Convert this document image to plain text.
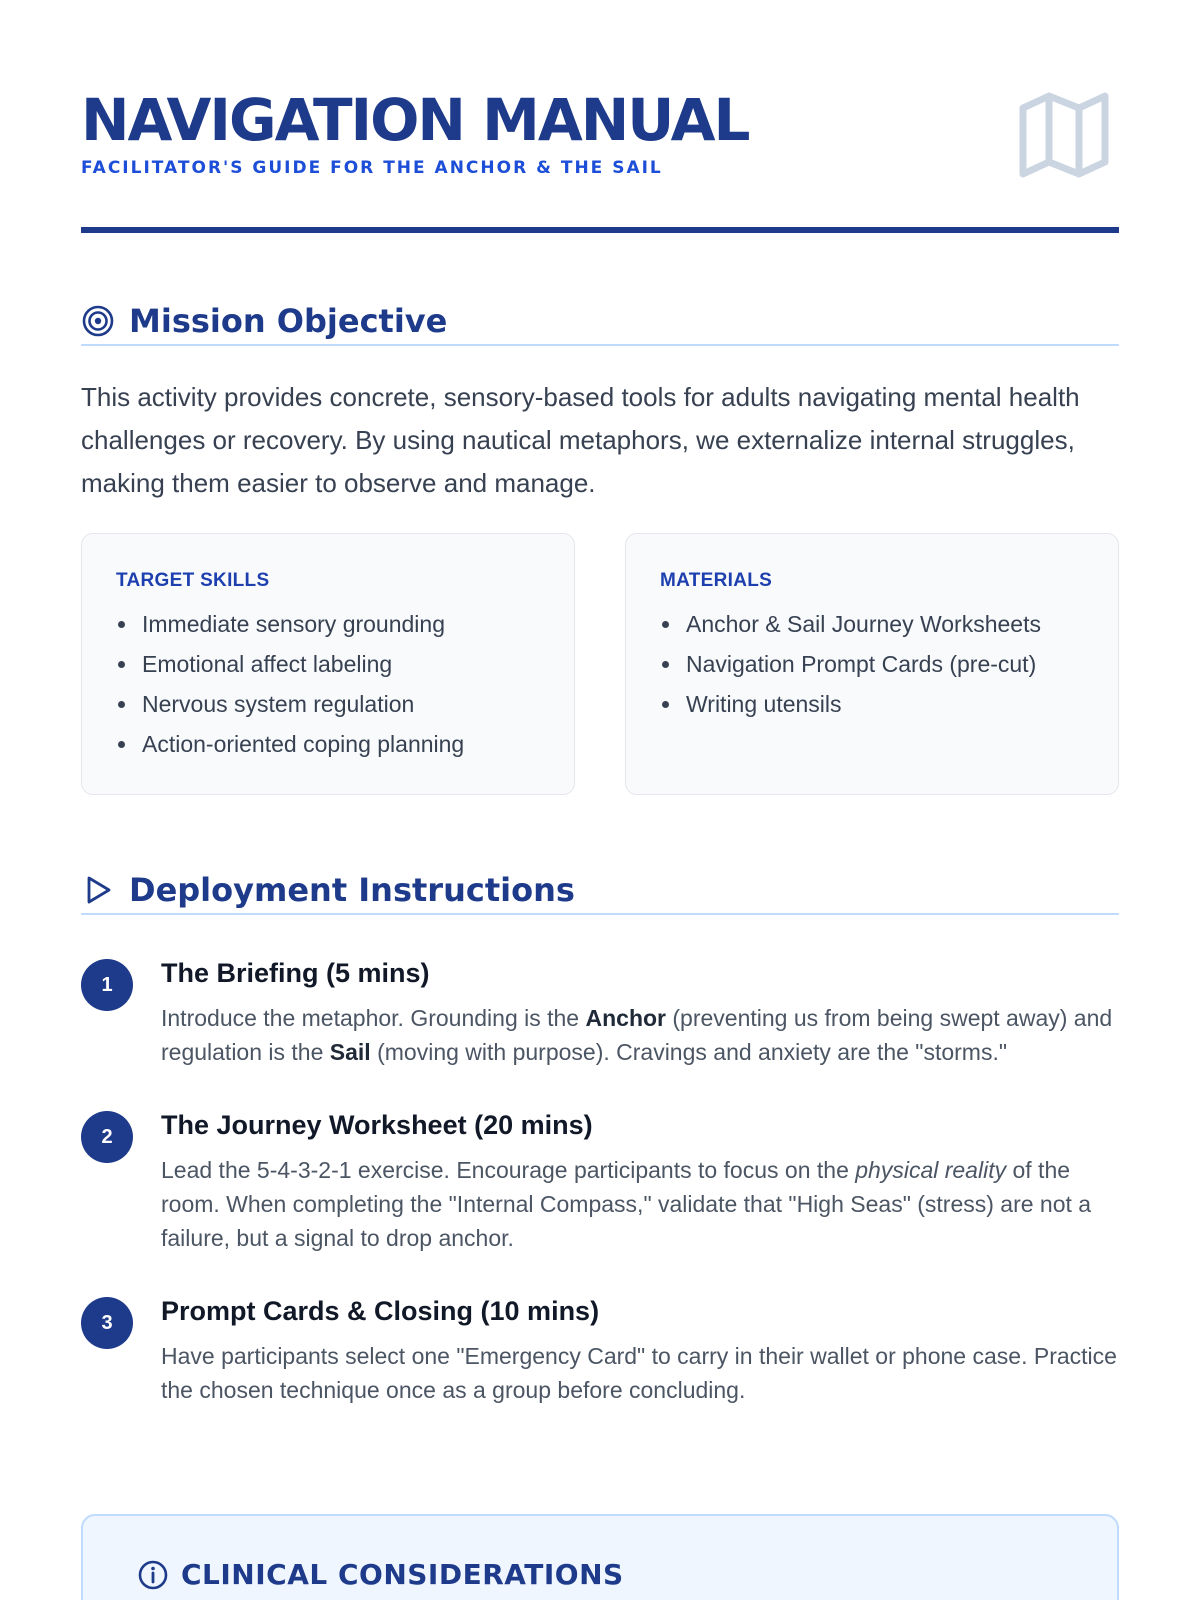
NAVIGATION MANUAL
FACILITATOR'S GUIDE FOR THE ANCHOR & THE SAIL
Mission Objective

This activity provides concrete, sensory-based tools for adults navigating mental health challenges or recovery. By using nautical metaphors, we externalize internal struggles, making them easier to observe and manage.

TARGET SKILLS
Immediate sensory grounding
Emotional affect labeling
Nervous system regulation
Action-oriented coping planning
MATERIALS
Anchor & Sail Journey Worksheets
Navigation Prompt Cards (pre-cut)
Writing utensils
Deployment Instructions
1	The Briefing (5 mins)

Introduce the metaphor. Grounding is the Anchor (preventing us from being swept away) and regulation is the Sail (moving with purpose). Cravings and anxiety are the "storms."

2	The Journey Worksheet (20 mins)

Lead the 5-4-3-2-1 exercise. Encourage participants to focus on the physical reality of the room. When completing the "Internal Compass," validate that "High Seas" (stress) are not a failure, but a signal to drop anchor.

3	Prompt Cards & Closing (10 mins)

Have participants select one "Emergency Card" to carry in their wallet or phone case. Practice the chosen technique once as a group before concluding.

CLINICAL CONSIDERATIONS
